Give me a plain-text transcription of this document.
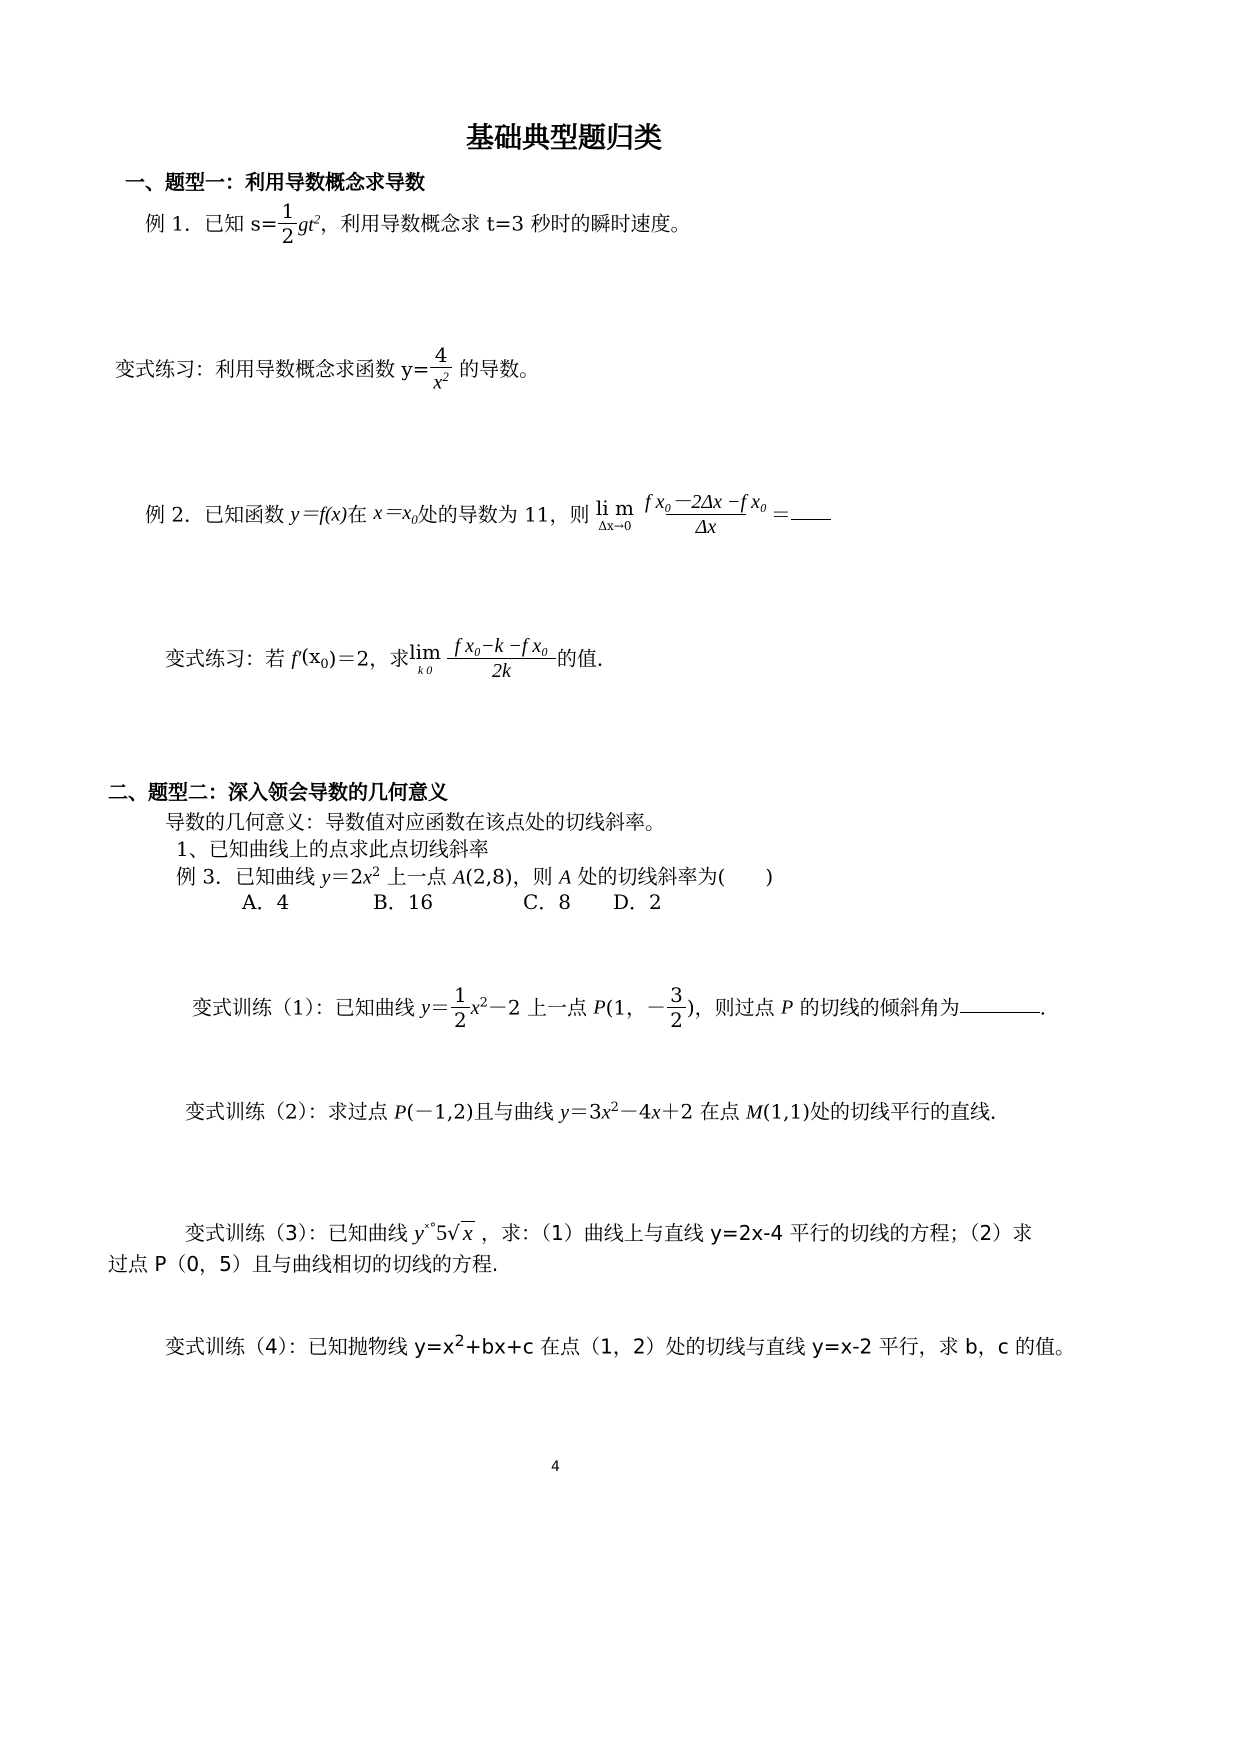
基础典型题归类
一、题型一：利用导数概念求导数
例 1．已知 $s= \frac{1}{2} gt^2$，利用导数概念求 t=3 秒时的瞬时速度。
变式练习：利用导数概念求函数 $y= \frac{4}{x^2}$ 的导数。
例 2．已知函数 y＝f(x)在 $x=x_0$处的导数为 11，则 li m
$\Delta x\to 0 \frac{\text{f x₀－2Δx −f x₀}}{\Delta x}$ ＝
变式练习：若 $f'(x_0)=2$，求 lim
k $0 \frac{\text{f x₀−k −f x₀}}{2k}$ 的值．
二、题型二：深入领会导数的几何意义
导数的几何意义：导数值对应函数在该点处的切线斜率。
1、已知曲线上的点求此点切线斜率
例 3．已知曲线 $y=2x^2$ 上一点 A(2,8)，则 A 处的切线斜率为(　　)
A．4	B．16	C．8 D．2
变式训练（1）：已知曲线 $y= \frac{1}{2} x^2-2$ 上一点 P(1，－ $\frac{3}{2}$ )，则过点 P 的切线的倾斜角为	.
变式训练（2）：求过点 P(－1,2)且与曲线 $y=3x^2-4x+2$ 在点 M(1,1)处的切线平行的直线．
变式训练（3）：已知曲线 $y^{ˣ^\circ}5√$ x ，求：（1）曲线上与直线 y=2x-4 平行的切线的方程；（2）求
过点 P（0，5）且与曲线相切的切线的方程.
变式训练（4）：已知抛物线 $y=x^2+bx+c$ 在点（1，2）处的切线与直线 y=x-2 平行，求 b，c 的值。
4
